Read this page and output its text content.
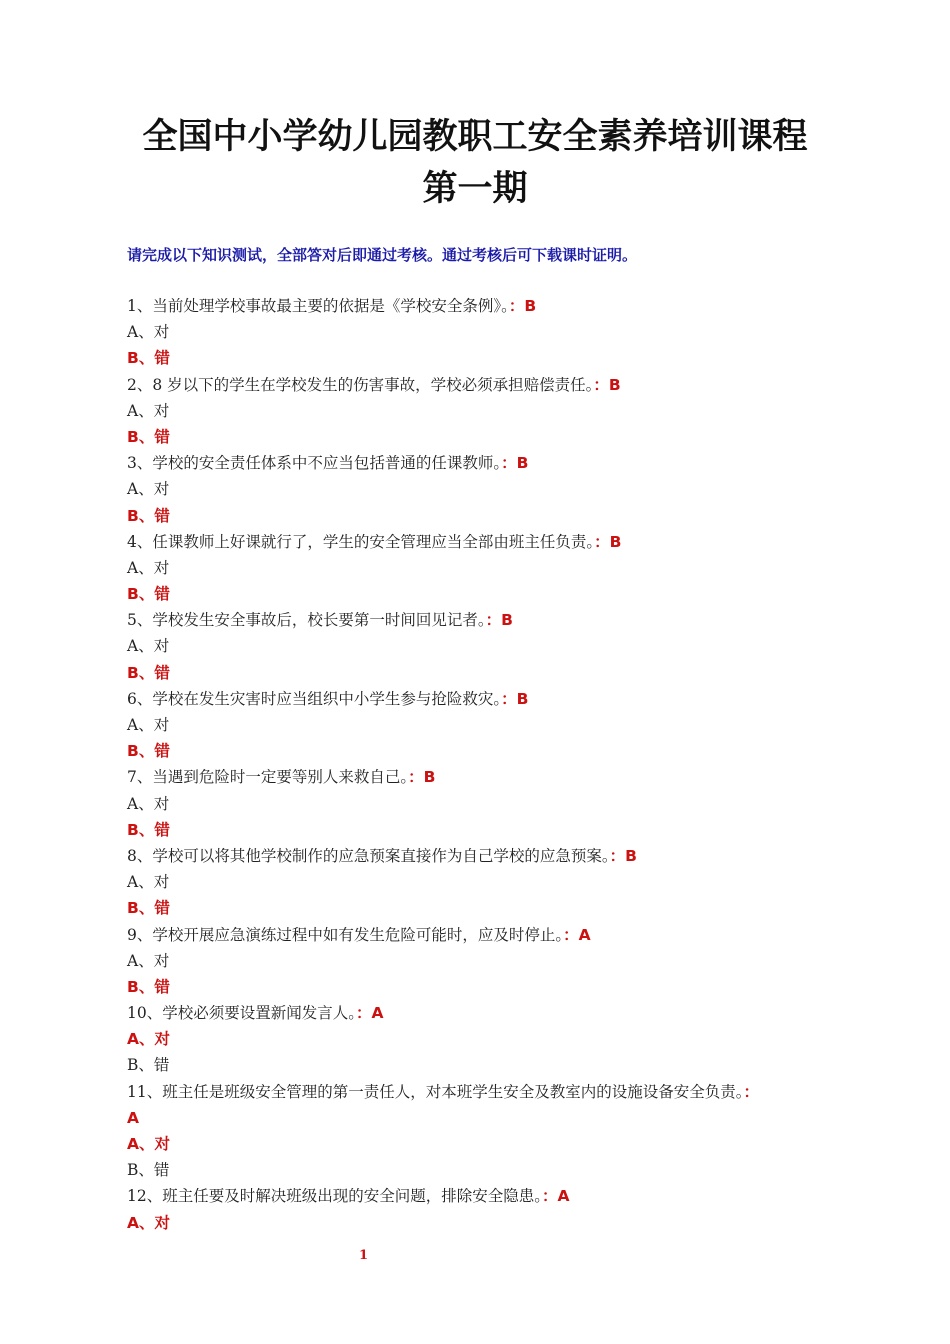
全国中小学幼儿园教职工安全素养培训课程
第一期

请完成以下知识测试，全部答对后即通过考核。通过考核后可下载课时证明。

1、当前处理学校事故最主要的依据是《学校安全条例》。：B
A、对
B、错
2、8 岁以下的学生在学校发生的伤害事故，学校必须承担赔偿责任。：B
A、对
B、错
3、学校的安全责任体系中不应当包括普通的任课教师。：B
A、对
B、错
4、任课教师上好课就行了，学生的安全管理应当全部由班主任负责。：B
A、对
B、错
5、学校发生安全事故后，校长要第一时间回见记者。：B
A、对
B、错
6、学校在发生灾害时应当组织中小学生参与抢险救灾。：B
A、对
B、错
7、当遇到危险时一定要等别人来救自己。：B
A、对
B、错
8、学校可以将其他学校制作的应急预案直接作为自己学校的应急预案。：B
A、对
B、错
9、学校开展应急演练过程中如有发生危险可能时，应及时停止。：A
A、对
B、错
10、学校必须要设置新闻发言人。：A
A、对
B、错
11、班主任是班级安全管理的第一责任人，对本班学生安全及教室内的设施设备安全负责。：
A
A、对
B、错
12、班主任要及时解决班级出现的安全问题，排除安全隐患。：A
A、对
1
